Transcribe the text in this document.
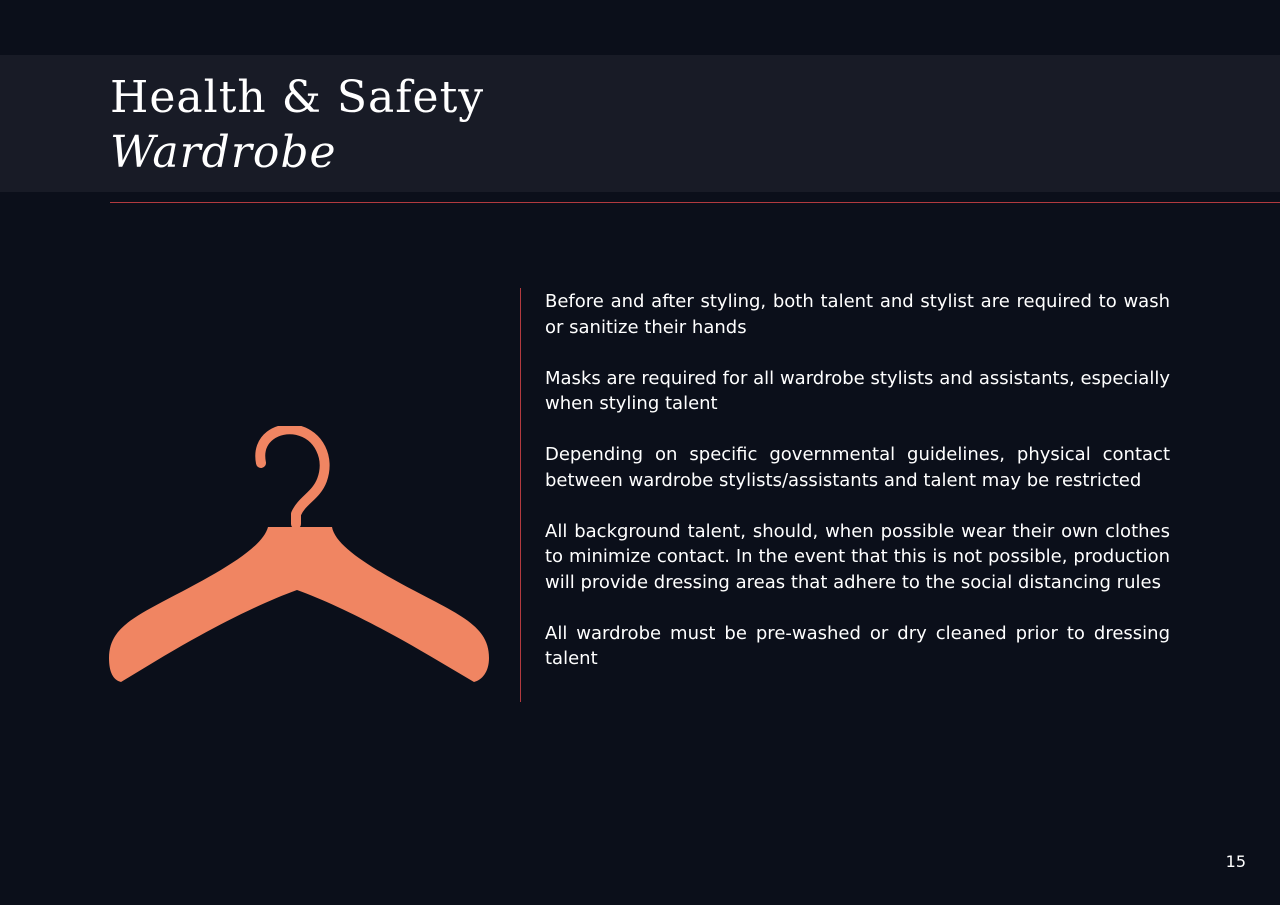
Health & Safety
Wardrobe

Before and after styling, both talent and stylist are required to wash or sanitize their hands

Masks are required for all wardrobe stylists and assistants, especially when styling talent

Depending on specific governmental guidelines, physical contact between wardrobe stylists/assistants and talent may be restricted

All background talent, should, when possible wear their own clothes to minimize contact. In the event that this is not possible, production will provide dressing areas that adhere to the social distancing rules

All wardrobe must be pre-washed or dry cleaned prior to dressing talent

15
